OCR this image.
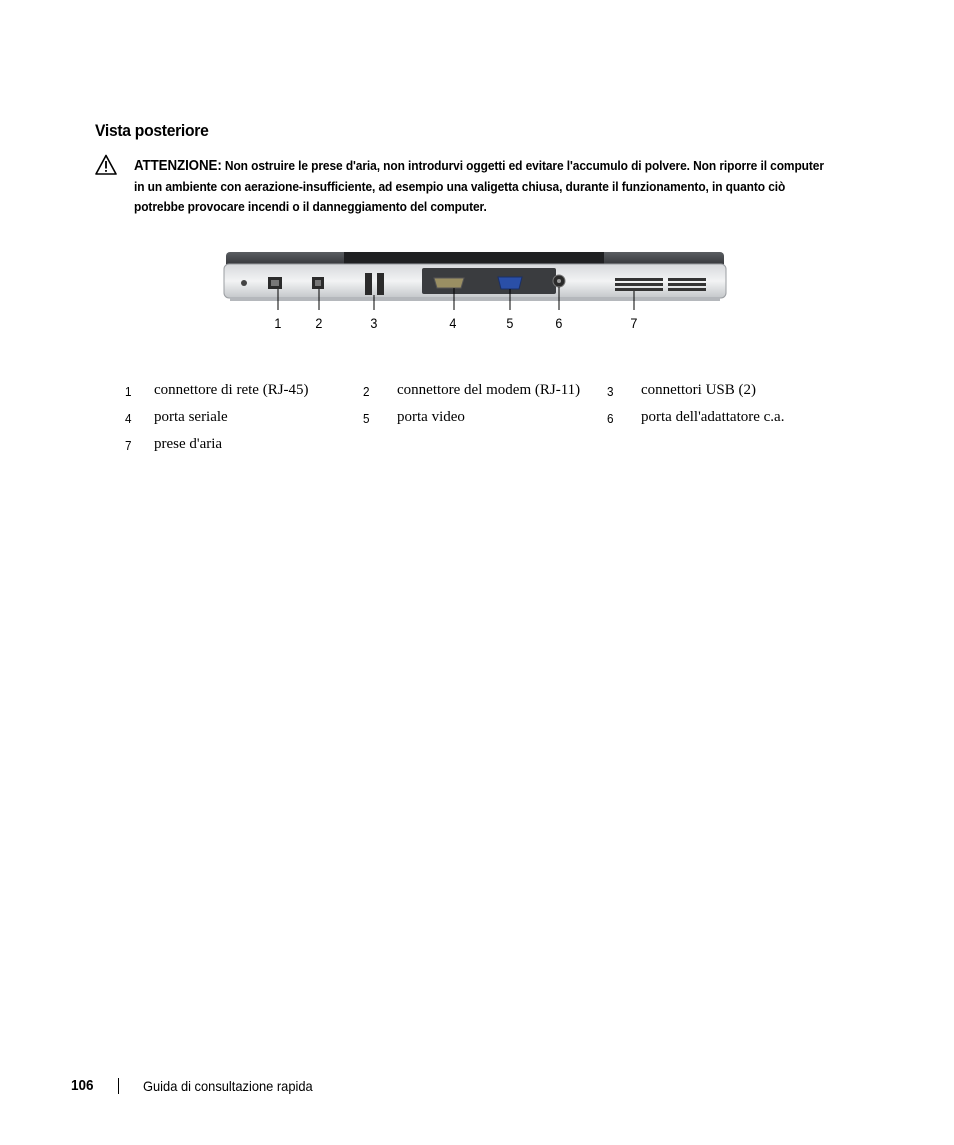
Vista posteriore
ATTENZIONE: Non ostruire le prese d'aria, non introdurvi oggetti ed evitare l'accumulo di polvere. Non riporre il computer in un ambiente con aerazione-insufficiente, ad esempio una valigetta chiusa, durante il funzionamento, in quanto ciò potrebbe provocare incendi o il danneggiamento del computer.
1 2	3	4	5	6	7
1 connettore di rete (RJ-45)	2 connettore del modem (RJ-11) 3 connettori USB (2)
4 porta seriale	5 porta video	6 porta dell'adattatore c.a.
7 prese d'aria
106	Guida di consultazione rapida
